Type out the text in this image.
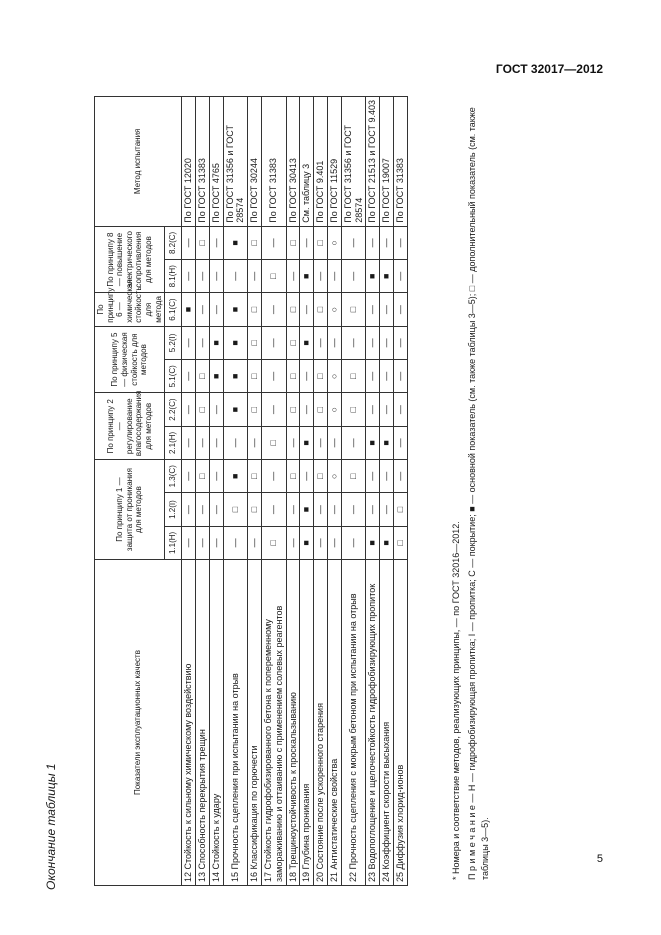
ГОСТ 32017—2012
Окончание таблицы 1
Показатели эксплуатационных качеств	По принципу 1 — защита от проникания для методов			По принципу 2 — регулирование влагосодержания для методов		По принципу 5 — физическая стойкость для методов		По принципу 6 — химическая стойкость для метода	По принципу 8 — повышение электрического сопротивления для методов		Метод испытания
	1.1(Н)	1.2(I)	1.3(С)	2.1(Н)	2.2(С)	5.1(С)	5.2(I)	6.1(С)	8.1(Н)	8.2(С)	
12 Стойкость к сильному химическому воздействию	—	—	—	—	—	—	—	■	—	—	По ГОСТ 12020
13 Способность перекрытия трещин	—	—	□	—	□	□	—	—	—	□	По ГОСТ 31383
14 Стойкость к удару	—	—	—	—	—	■	■	—	—	—	По ГОСТ 4765
15 Прочность сцепления при испытании на отрыв	—	□	■	—	■	■	■	■	—	■	По ГОСТ 31356 и ГОСТ 28574
16 Классификация по горючести	—	□	□	—	□	□	□	□	—	□	По ГОСТ 30244
17 Стойкость гидрофобизированного бетона к попеременному замораживанию и оттаиванию с применением солевых реагентов	□	—	—	□	—	—	—	—	□	—	По ГОСТ 31383
18 Трещиноустойчивость к проскальзыванию	—	—	□	—	□	□	□	□	—	□	По ГОСТ 30413
19 Глубина проникания	■	■	—	■	—	—	■	—	■	—	См. таблицу 3
20 Состояние после ускоренного старения	—	—	□	—	□	□	—	□	—	□	По ГОСТ 9.401
21 Антистатические свойства	—	—	○	—	○	○	—	○	—	○	По ГОСТ 11529
22 Прочность сцепления с мокрым бетоном при испытании на отрыв	—	—	□	—	□	□	—	□	—	—	По ГОСТ 31356 и ГОСТ 28574
23 Водопоглощение и щелочестойкость гидрофобизирующих пропиток	■	—	—	■	—	—	—	—	■	—	По ГОСТ 21513 и ГОСТ 9.403
24 Коэффициент скорости высыхания	■	—	—	■	—	—	—	—	■	—	По ГОСТ 19007
25 Диффузия хлорид-ионов	□	□	—	—	—	—	—	—	—	—	По ГОСТ 31383

* Номера и соответствие методов, реализующих принципы, — по ГОСТ 32016—2012. П р и м е ч а н и е — Н — гидрофобизирующая пропитка; I — пропитка; С — покрытие; ■ — основной показатель (см. также таблицы 3—5); □ — дополнительный показатель (см. также таблицы 3—5).	5
